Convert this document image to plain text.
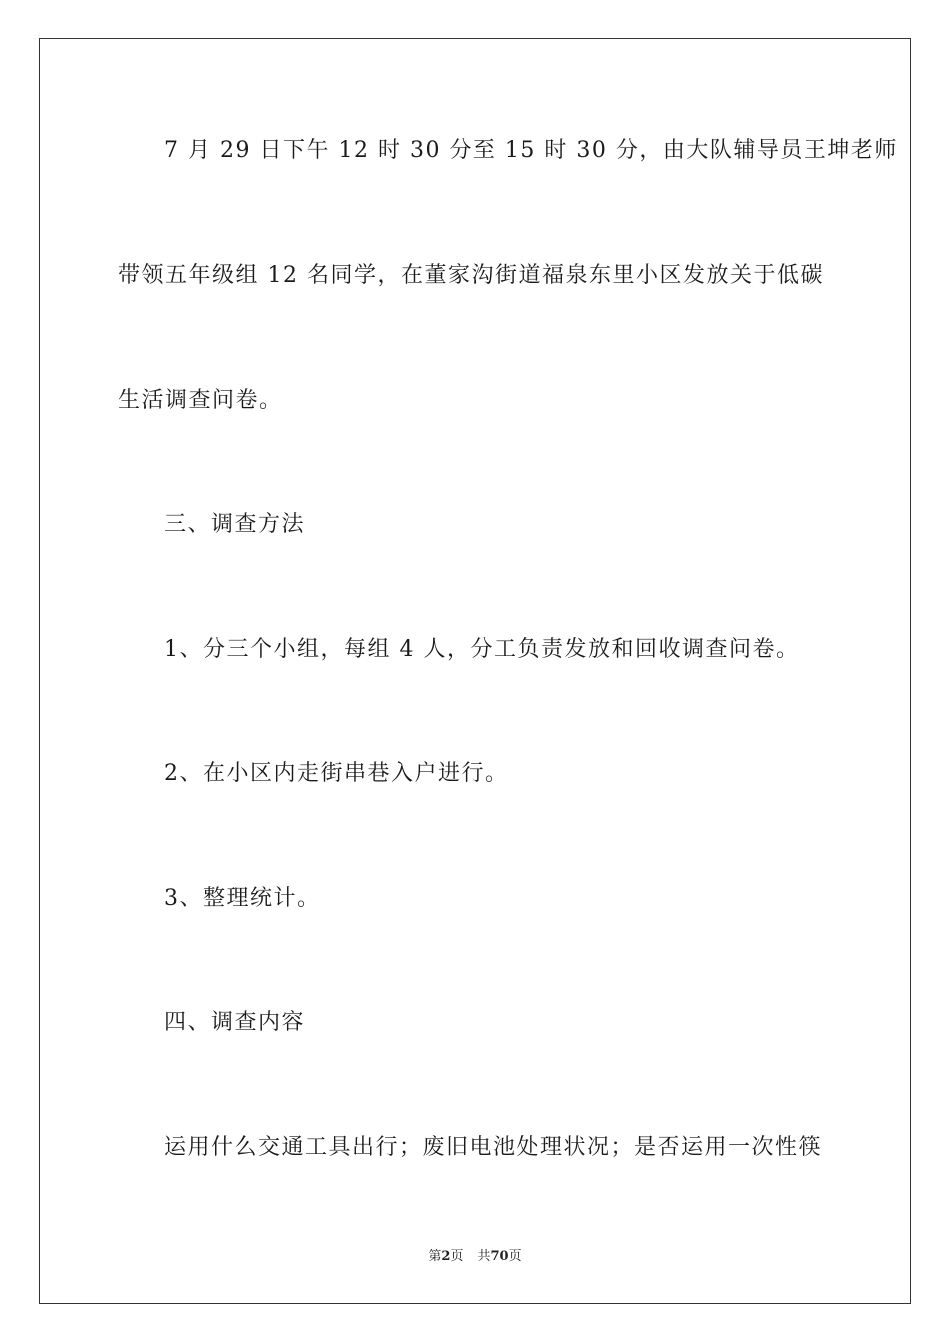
7 月 29 日下午 12 时 30 分至 15 时 30 分，由大队辅导员王坤老师
带领五年级组 12 名同学，在董家沟街道福泉东里小区发放关于低碳
生活调查问卷。
三、调查方法
1、分三个小组，每组 4 人，分工负责发放和回收调查问卷。
2、在小区内走街串巷入户进行。
3、整理统计。
四、调查内容
运用什么交通工具出行；废旧电池处理状况；是否运用一次性筷
第2页 共70页
